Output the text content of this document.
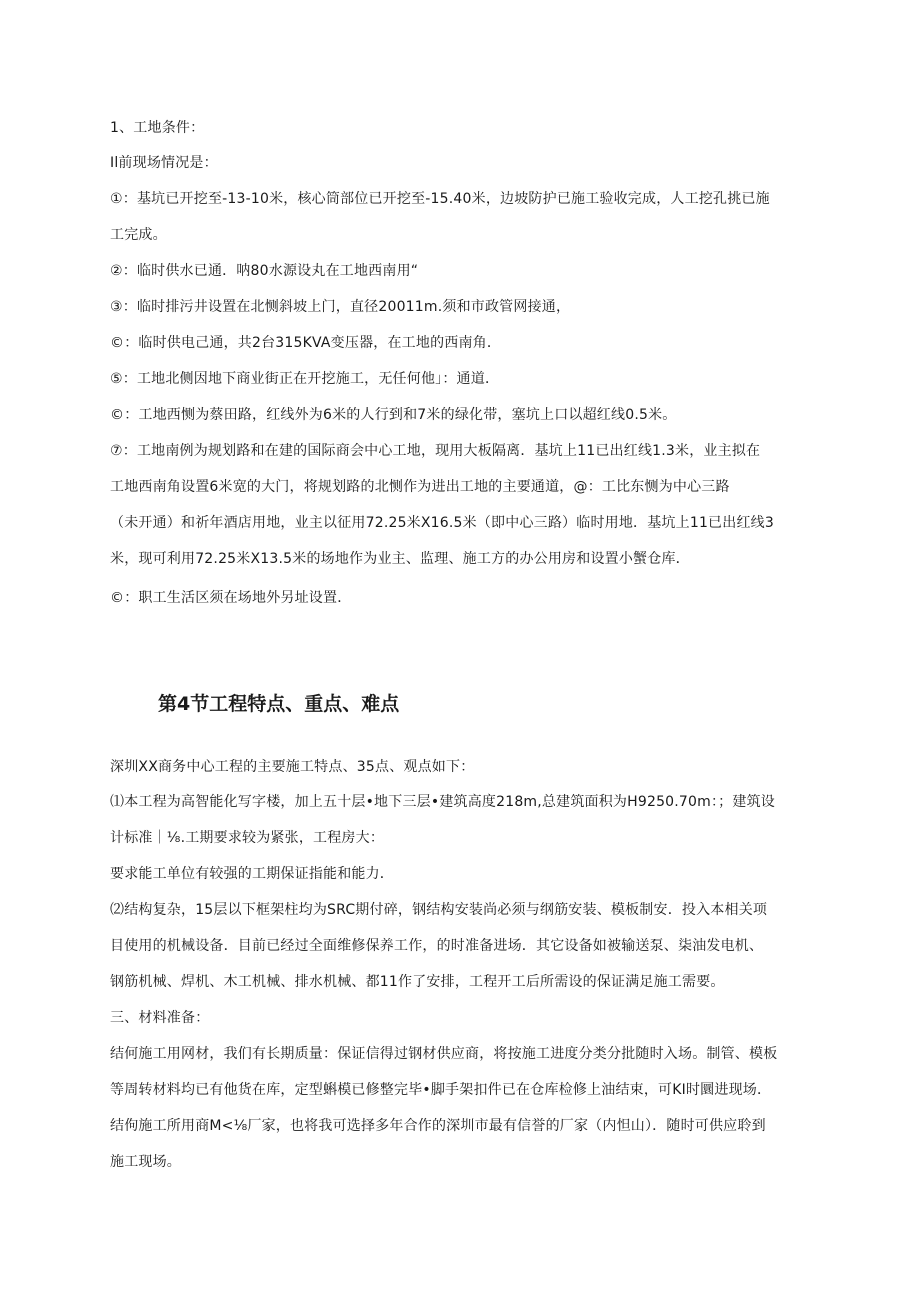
1、工地条件：
Il前现场情况是：
①：基坑已开挖至-13-10米，核心筒部位已开挖至-15.40米，边坡防护已施工验收完成，人工挖孔挑已施
工完成。
②：临时供水已通．呐80水源设丸在工地西南用“
③：临时排污井设置在北恻斜坡上门，直径20011m.须和市政管网接通，
©：临时供电己通，共2台315KVA变压器，在工地的西南角．
⑤：工地北侧因地下商业街正在开挖施工，无任何他」：通道．
©：工地西恻为蔡田路，红线外为6米的人行到和7米的绿化带，塞坑上口以超红线0.5米。
⑦：工地南例为规划路和在建的国际商会中心工地，现用大板隔离．基坑上11已出红线1.3米，业主拟在
工地西南角设置6米宽的大门，将规划路的北恻作为进出工地的主要通道，@：工比东恻为中心三路
（未开通）和祈年酒店用地，业主以征用72.25米X16.5米（即中心三路）临时用地．基坑上11已出红线3
米，现可利用72.25米X13.5米的场地作为业主、监理、施工方的办公用房和设置小蟹仓库．
©：职工生活区须在场地外另址设置．
第4节工程特点、重点、难点
深圳XX商务中心工程的主要施工特点、35点、观点如下：
⑴本工程为高智能化写字楼，加上五十层•地下三层•建筑高度218m,总建筑面积为H9250.70m：；建筑设
计标准｜⅛.工期要求较为紧张，工程房大：
要求能工单位有较强的工期保证指能和能力．
⑵结构复杂，15层以下框架柱均为SRC期付碎，钢结构安装尚必须与纲筋安装、模板制安．投入本相关项
目使用的机械设备．目前已经过全面维修保养工作，的时准备进场．其它设备如被输送泵、柒油发电机、
钢筋机械、焊机、木工机械、排水机械、都11作了安排，工程开工后所需设的保证满足施工需要。
三、材料准备：
结何施工用网材，我们有长期质量：保证信得过钢材供应商，将按施工进度分类分批随时入场。制管、模板
等周转材料均已有他货在库，定型蝌模已修整完毕•脚手架扣件已在仓库检修上油结束，可KI时圜进现场．
结佝施工所用商M<⅛厂家，也将我可选择多年合作的深圳市最有信誉的厂家（内怛山）．随时可供应聆到
施工现场。
